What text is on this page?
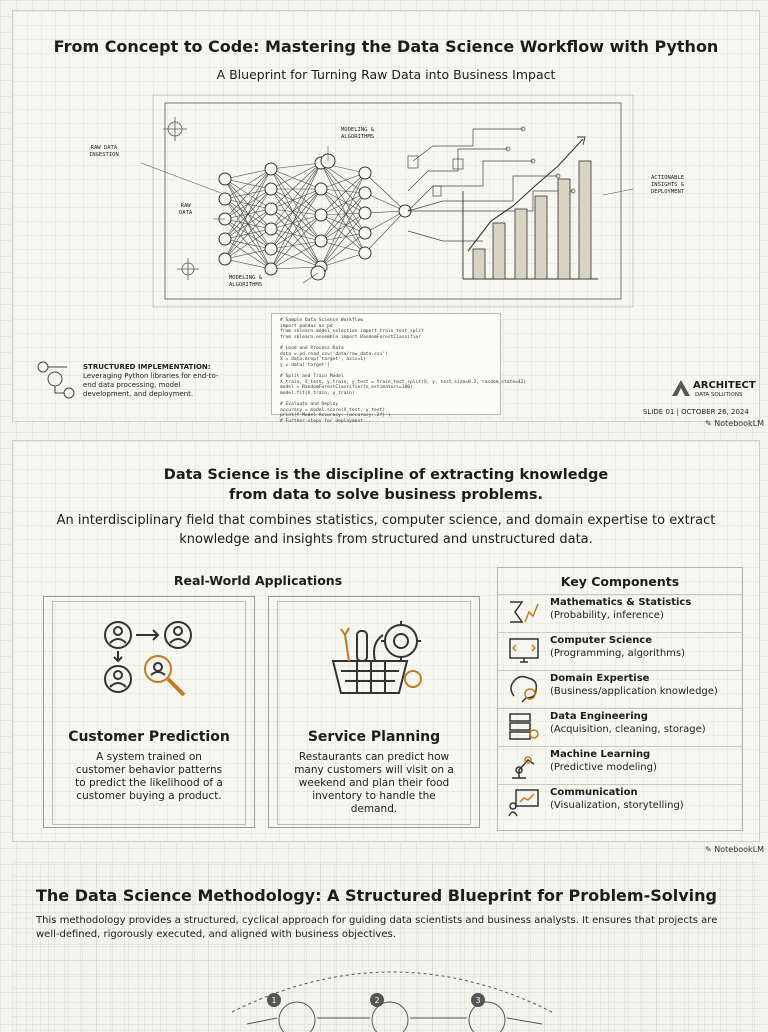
From Concept to Code: Mastering the Data Science Workflow with Python
A Blueprint for Turning Raw Data into Business Impact
RAW DATA
INGESTION
RAW
DATA
MODELING &
ALGORITHMS
MODELING &
ALGORITHMS
ACTIONABLE
INSIGHTS &
DEPLOYMENT
STRUCTURED IMPLEMENTATION:
Leveraging Python libraries for end-to-end data processing, model development, and deployment.
# Sample Data Science Workflow
import pandas as pd
from sklearn.model_selection import train_test_split
from sklearn.ensemble import RandomForestClassifier

# Load and Process Data
data = pd.read_csv('data/raw_data.csv')
X = data.drop('target', axis=1)
y = data['target']

# Split and Train Model
X_train, X_test, y_train, y_test = train_test_split(X, y, test_size=0.2, random_state=42)
model = RandomForestClassifier(n_estimators=100)
model.fit(X_train, y_train)

# Evaluate and Deploy
accuracy = model.score(X_test, y_test)
print(f'Model Accuracy: {accuracy:.2f}')
# Further steps for deployment...
ARCHITECT
DATA SOLUTIONS
SLIDE 01 | OCTOBER 26, 2024
✎ NotebookLM
Data Science is the discipline of extracting knowledge from data to solve business problems.
An interdisciplinary field that combines statistics, computer science, and domain expertise to extract knowledge and insights from structured and unstructured data.
Real-World Applications
Customer Prediction
A system trained on customer behavior patterns to predict the likelihood of a customer buying a product.
Service Planning
Restaurants can predict how many customers will visit on a weekend and plan their food inventory to handle the demand.
Key Components
Mathematics & Statistics
(Probability, inference)
Computer Science
(Programming, algorithms)
Domain Expertise
(Business/application knowledge)
Data Engineering
(Acquisition, cleaning, storage)
Machine Learning
(Predictive modeling)
Communication
(Visualization, storytelling)
✎ NotebookLM
The Data Science Methodology: A Structured Blueprint for Problem-Solving
This methodology provides a structured, cyclical approach for guiding data scientists and business analysts. It ensures that projects are well-defined, rigorously executed, and aligned with business objectives.
1	2	3
